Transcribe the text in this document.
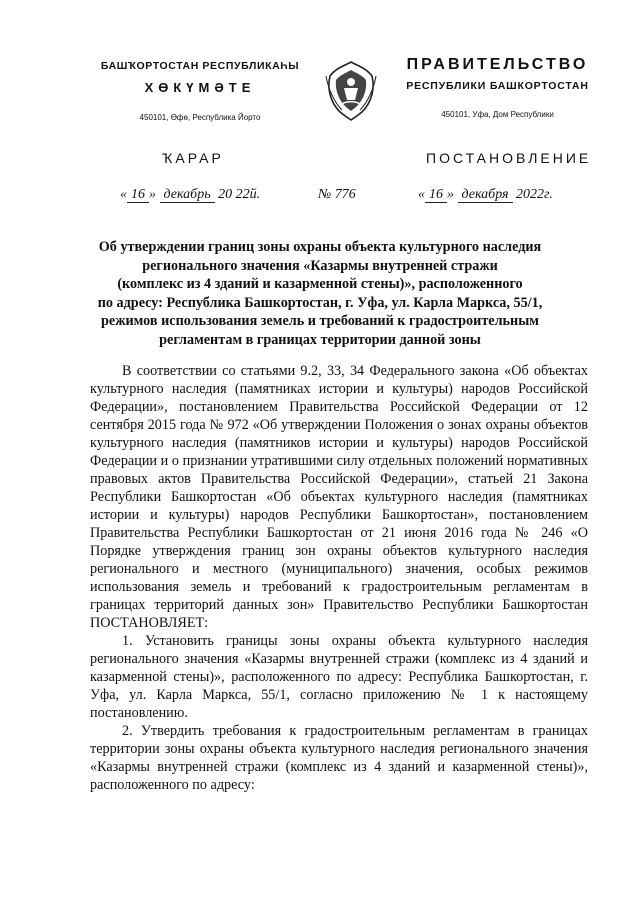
БАШҠОРТОСТАН РЕСПУБЛИКАҺЫ
ХӨКҮМӘТЕ
450101, Өфө, Республика Йорто
ПРАВИТЕЛЬСТВО
РЕСПУБЛИКИ БАШКОРТОСТАН
450101, Уфа, Дом Республики
ҠАРАР	ПОСТАНОВЛЕНИЕ
« 16 » декабрь 20 22й.	№ 776	« 16 » декабря 2022г.
Об утверждении границ зоны охраны объекта культурного наследия
регионального значения «Казармы внутренней стражи
(комплекс из 4 зданий и казарменной стены)», расположенного
по адресу: Республика Башкортостан, г. Уфа, ул. Карла Маркса, 55/1,
режимов использования земель и требований к градостроительным
регламентам в границах территории данной зоны

В соответствии со статьями 9.2, 33, 34 Федерального закона «Об объектах культурного наследия (памятниках истории и культуры) народов Российской Федерации», постановлением Правительства Российской Федерации от 12 сентября 2015 года № 972 «Об утверждении Положения о зонах охраны объектов культурного наследия (памятников истории и культуры) народов Российской Федерации и о признании утратившими силу отдельных положений нормативных правовых актов Правительства Российской Федерации», статьей 21 Закона Республики Башкортостан «Об объектах культурного наследия (памятниках истории и культуры) народов Республики Башкортостан», постановлением Правительства Республики Башкортостан от 21 июня 2016 года № 246 «О Порядке утверждения границ зон охраны объектов культурного наследия регионального и местного (муниципального) значения, особых режимов использования земель и требований к градостроительным регламентам в границах территорий данных зон» Правительство Республики Башкортостан ПОСТАНОВЛЯЕТ:

1. Установить границы зоны охраны объекта культурного наследия регионального значения «Казармы внутренней стражи (комплекс из 4 зданий и казарменной стены)», расположенного по адресу: Республика Башкортостан, г. Уфа, ул. Карла Маркса, 55/1, согласно приложению № 1 к настоящему постановлению.

2. Утвердить требования к градостроительным регламентам в границах территории зоны охраны объекта культурного наследия регионального значения «Казармы внутренней стражи (комплекс из 4 зданий и казарменной стены)», расположенного по адресу:
